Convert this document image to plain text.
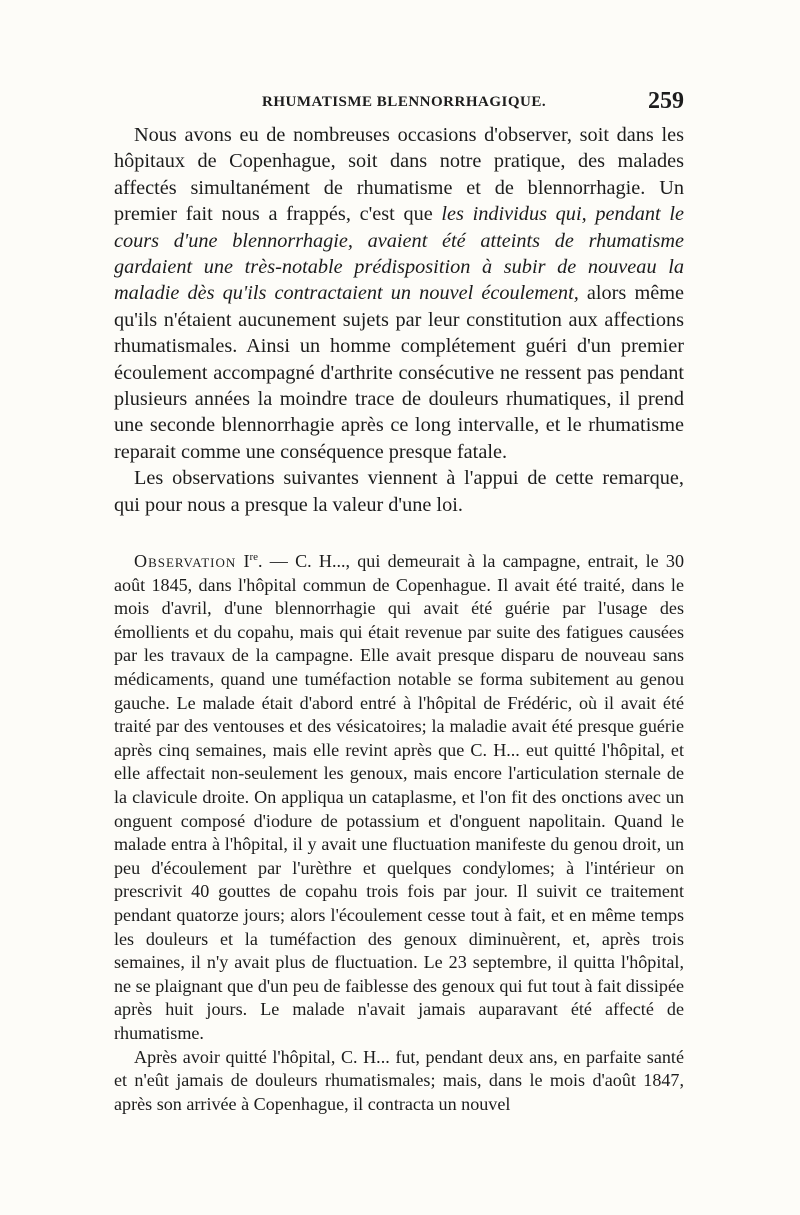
RHUMATISME BLENNORRHAGIQUE.	259

Nous avons eu de nombreuses occasions d'observer, soit dans les hôpitaux de Copenhague, soit dans notre pratique, des malades affectés simultanément de rhumatisme et de blennorrhagie. Un premier fait nous a frappés, c'est que les individus qui, pendant le cours d'une blennorrhagie, avaient été atteints de rhumatisme gardaient une très-notable prédisposition à subir de nouveau la maladie dès qu'ils contractaient un nouvel écoulement, alors même qu'ils n'étaient aucunement sujets par leur constitution aux affections rhumatismales. Ainsi un homme complétement guéri d'un premier écoulement accompagné d'arthrite consécutive ne ressent pas pendant plusieurs années la moindre trace de douleurs rhumatiques, il prend une seconde blennorrhagie après ce long intervalle, et le rhumatisme reparait comme une conséquence presque fatale.

Les observations suivantes viennent à l'appui de cette remarque, qui pour nous a presque la valeur d'une loi.

Observation Ire. — C. H..., qui demeurait à la campagne, entrait, le 30 août 1845, dans l'hôpital commun de Copenhague. Il avait été traité, dans le mois d'avril, d'une blennorrhagie qui avait été guérie par l'usage des émollients et du copahu, mais qui était revenue par suite des fatigues causées par les travaux de la campagne. Elle avait presque disparu de nouveau sans médicaments, quand une tuméfaction notable se forma subitement au genou gauche. Le malade était d'abord entré à l'hôpital de Frédéric, où il avait été traité par des ventouses et des vésicatoires; la maladie avait été presque guérie après cinq semaines, mais elle revint après que C. H... eut quitté l'hôpital, et elle affectait non-seulement les genoux, mais encore l'articulation sternale de la clavicule droite. On appliqua un cataplasme, et l'on fit des onctions avec un onguent composé d'iodure de potassium et d'onguent napolitain. Quand le malade entra à l'hôpital, il y avait une fluctuation manifeste du genou droit, un peu d'écoulement par l'urèthre et quelques condylomes; à l'intérieur on prescrivit 40 gouttes de copahu trois fois par jour. Il suivit ce traitement pendant quatorze jours; alors l'écoulement cesse tout à fait, et en même temps les douleurs et la tuméfaction des genoux diminuèrent, et, après trois semaines, il n'y avait plus de fluctuation. Le 23 septembre, il quitta l'hôpital, ne se plaignant que d'un peu de faiblesse des genoux qui fut tout à fait dissipée après huit jours. Le malade n'avait jamais auparavant été affecté de rhumatisme.

Après avoir quitté l'hôpital, C. H... fut, pendant deux ans, en parfaite santé et n'eût jamais de douleurs rhumatismales; mais, dans le mois d'août 1847, après son arrivée à Copenhague, il contracta un nouvel
